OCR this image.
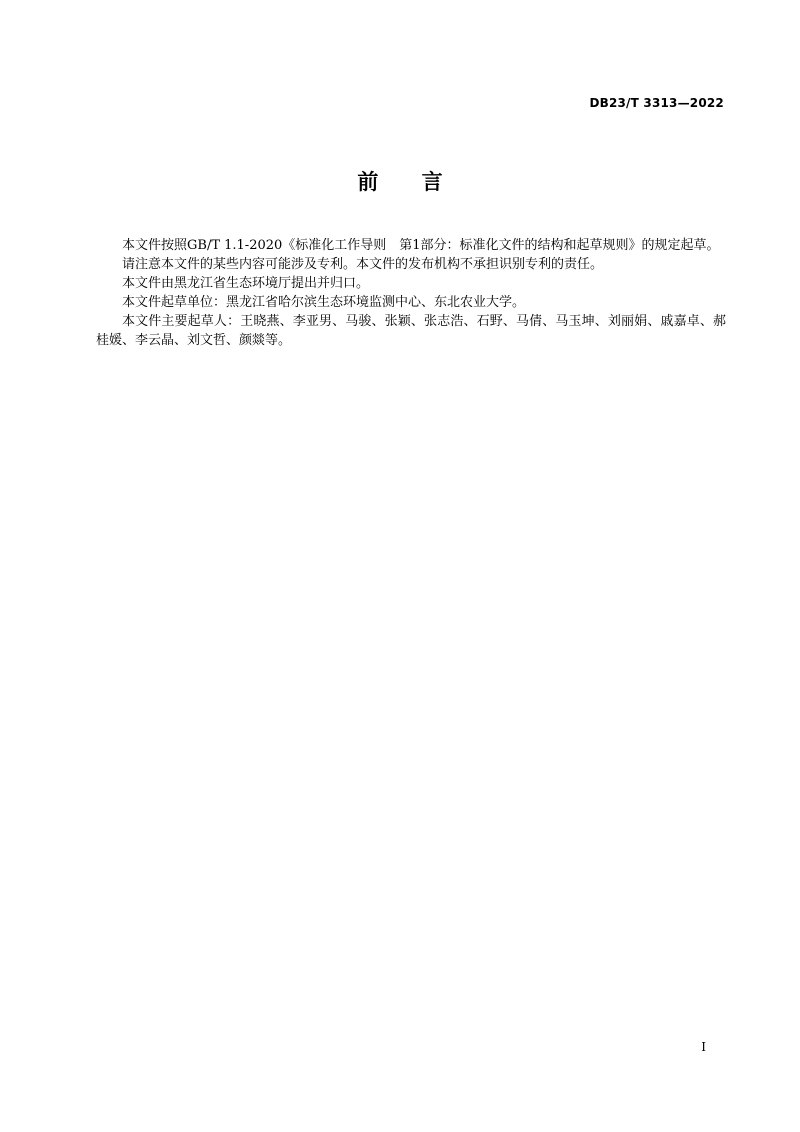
DB23/T 3313—2022
前 言

本文件按照GB/T 1.1-2020《标准化工作导则　第1部分：标准化文件的结构和起草规则》的规定起草。

请注意本文件的某些内容可能涉及专利。本文件的发布机构不承担识别专利的责任。

本文件由黑龙江省生态环境厅提出并归口。

本文件起草单位：黑龙江省哈尔滨生态环境监测中心、东北农业大学。

本文件主要起草人：王晓燕、李亚男、马骏、张颖、张志浩、石野、马倩、马玉坤、刘丽娟、戚嘉卓、郝桂媛、李云晶、刘文哲、颜燚等。

I
